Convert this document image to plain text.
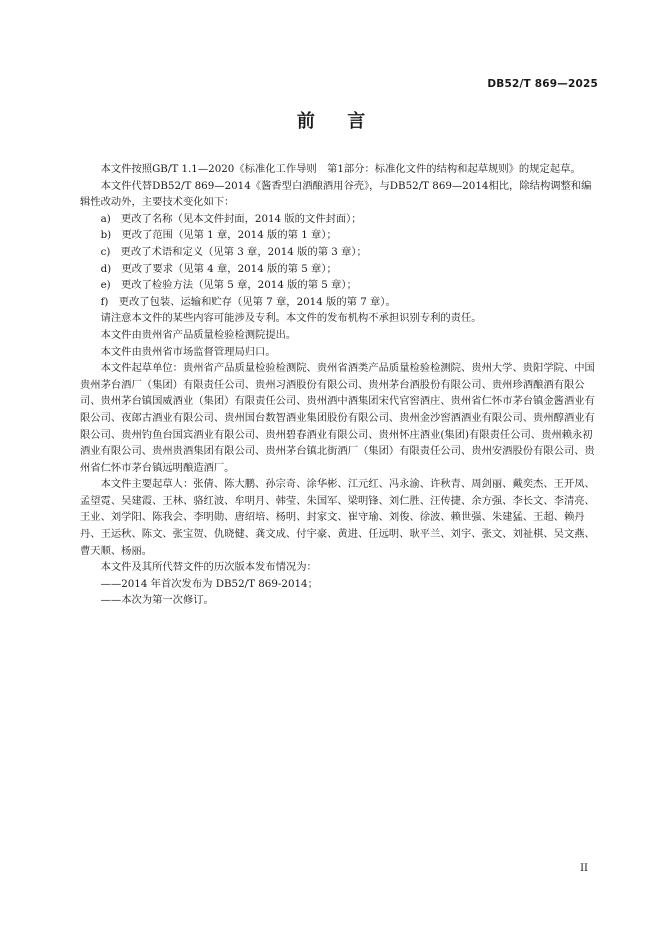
DB52/T 869—2025
前 言

本文件按照GB/T 1.1—2020《标准化工作导则　第1部分：标准化文件的结构和起草规则》的规定起草。

本文件代替DB52/T 869—2014《酱香型白酒酿酒用谷壳》，与DB52/T 869—2014相比，除结构调整和编辑性改动外，主要技术变化如下：

a)　更改了名称（见本文件封面，2014 版的文件封面）；

b)　更改了范围（见第 1 章，2014 版的第 1 章）；

c)　更改了术语和定义（见第 3 章，2014 版的第 3 章）；

d)　更改了要求（见第 4 章，2014 版的第 5 章）；

e)　更改了检验方法（见第 5 章，2014 版的第 5 章）；

f)　更改了包装、运输和贮存（见第 7 章，2014 版的第 7 章）。

请注意本文件的某些内容可能涉及专利。本文件的发布机构不承担识别专利的责任。

本文件由贵州省产品质量检验检测院提出。

本文件由贵州省市场监督管理局归口。

本文件起草单位：贵州省产品质量检验检测院、贵州省酒类产品质量检验检测院、贵州大学、贵阳学院、中国贵州茅台酒厂（集团）有限责任公司、贵州习酒股份有限公司、贵州茅台酒股份有限公司、贵州珍酒酿酒有限公司、贵州茅台镇国威酒业（集团）有限责任公司、贵州酒中酒集团宋代官窖酒庄、贵州省仁怀市茅台镇金酱酒业有限公司、夜郎古酒业有限公司、贵州国台数智酒业集团股份有限公司、贵州金沙窖酒酒业有限公司、贵州醇酒业有限公司、贵州钓鱼台国宾酒业有限公司、贵州碧春酒业有限公司、贵州怀庄酒业(集团)有限责任公司、贵州赖永初酒业有限公司、贵州贵酒集团有限公司、贵州茅台镇北街酒厂（集团）有限责任公司、贵州安酒股份有限公司、贵州省仁怀市茅台镇远明酿造酒厂。

本文件主要起草人：张倩、陈大鹏、孙宗奇、涂华彬、江元红、冯永渝、许秋青、周剑丽、戴奕杰、王开凤、孟望霓、吴建霞、王林、骆红波、牟明月、韩莹、朱国军、梁明锋、刘仁胜、汪传捷、余方强、李长文、李清亮、王业、刘学阳、陈我会、李明勋、唐绍培、杨明、封家文、崔守瑜、刘俊、徐波、赖世强、朱建猛、王超、赖丹丹、王运秋、陈文、张宝贺、仇晓健、龚文成、付宇豪、黄进、任远明、耿平兰、刘宇、张文、刘祉棋、吴文燕、曹天顺、杨丽。

本文件及其所代替文件的历次版本发布情况为：

——2014 年首次发布为 DB52/T 869-2014；

——本次为第一次修订。

II
